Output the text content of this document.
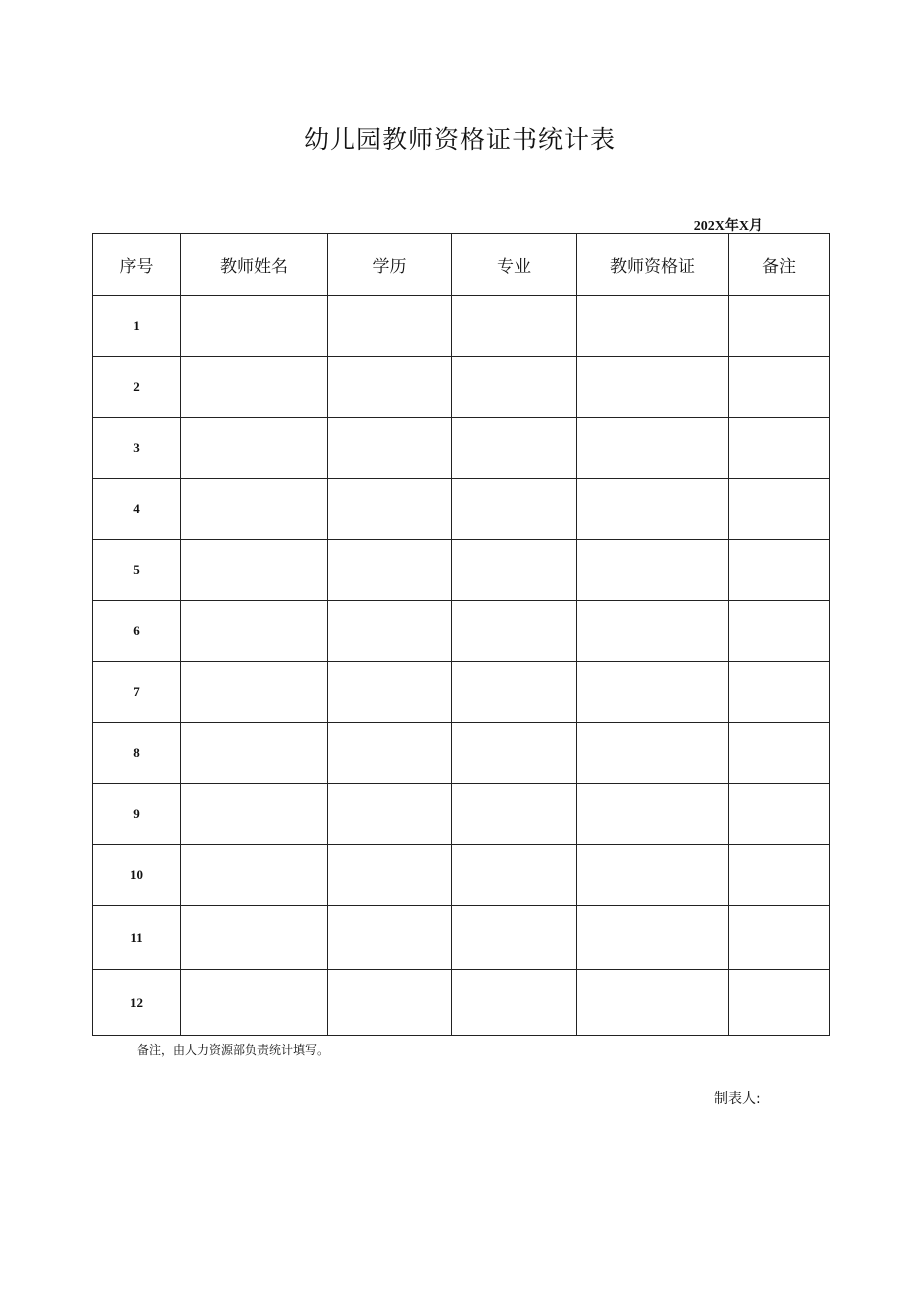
幼儿园教师资格证书统计表
202X年X月
序号	教师姓名	学历	专业	教师资格证	备注
1					
2					
3					
4					
5					
6					
7					
8					
9					
10					
11					
12					
备注，由人力资源部负责统计填写。
制表人:
